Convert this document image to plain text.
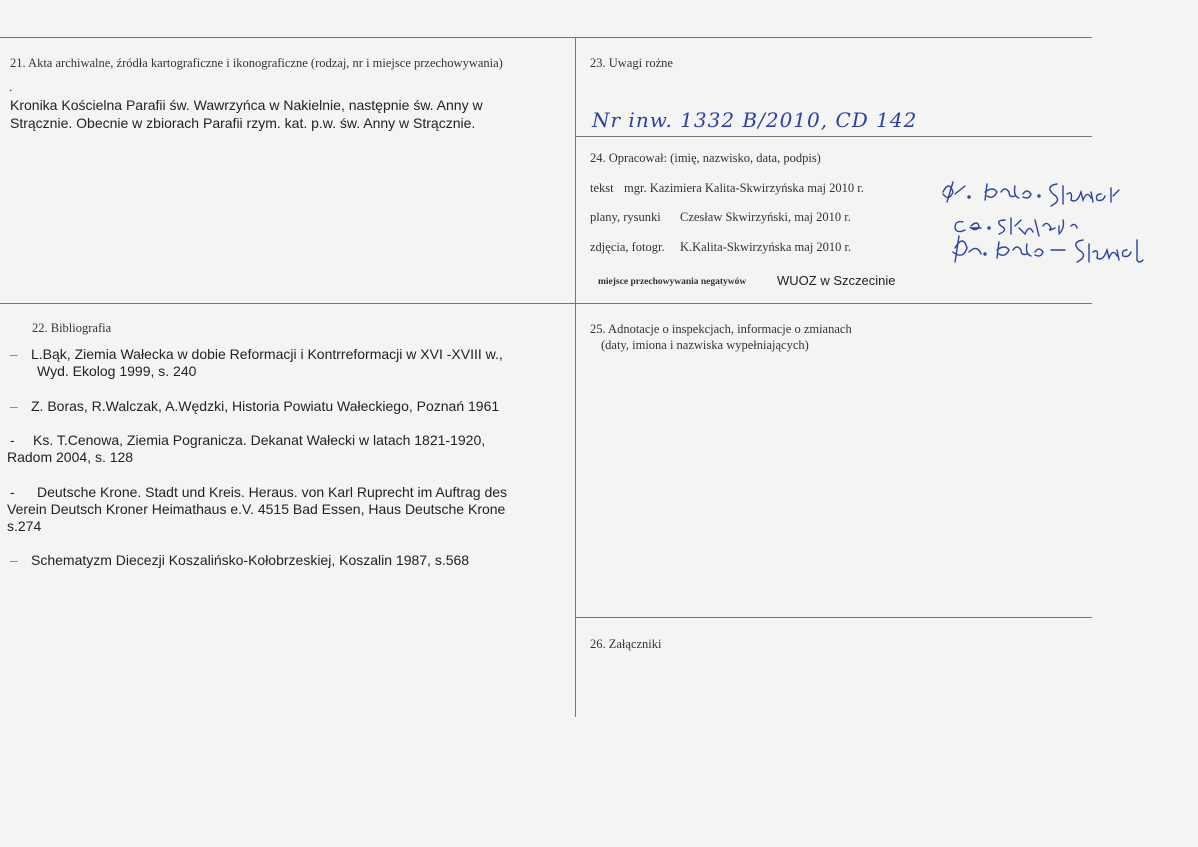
21. Akta archiwalne, źródła kartograficzne i ikonograficzne (rodzaj, nr i miejsce przechowywania)
.
Kronika Kościelna Parafii św. Wawrzyńca w Nakielnie, następnie św. Anny w
Strącznie. Obecnie w zbiorach Parafii rzym. kat. p.w. św. Anny w Strącznie.
22. Bibliografia
– L.Bąk, Ziemia Wałecka w dobie Reformacji i Kontrreformacji w XVI -XVIII w.,
Wyd. Ekolog 1999, s. 240
– Z. Boras, R.Walczak, A.Wędzki, Historia Powiatu Wałeckiego, Poznań 1961
- Ks. T.Cenowa, Ziemia Pogranicza. Dekanat Wałecki w latach 1821-1920,
Radom 2004, s. 128
- Deutsche Krone. Stadt und Kreis. Heraus. von Karl Ruprecht im Auftrag des
Verein Deutsch Kroner Heimathaus e.V. 4515 Bad Essen, Haus Deutsche Krone
s.274
– Schematyzm Diecezji Koszalińsko-Kołobrzeskiej, Koszalin 1987, s.568
23. Uwagi rożne
Nr inw. 1332 B/2010, CD 142
24. Opracował: (imię, nazwisko, data, podpis)
tekst mgr. Kazimiera Kalita-Skwirzyńska maj 2010 r.
plany, rysunki Czesław Skwirzyński, maj 2010 r.
zdjęcia, fotogr. K.Kalita-Skwirzyńska maj 2010 r.
miejsce przechowywania negatywów WUOZ w Szczecinie
25. Adnotacje o inspekcjach, informacje o zmianach
(daty, imiona i nazwiska wypełniających)
26. Załączniki
